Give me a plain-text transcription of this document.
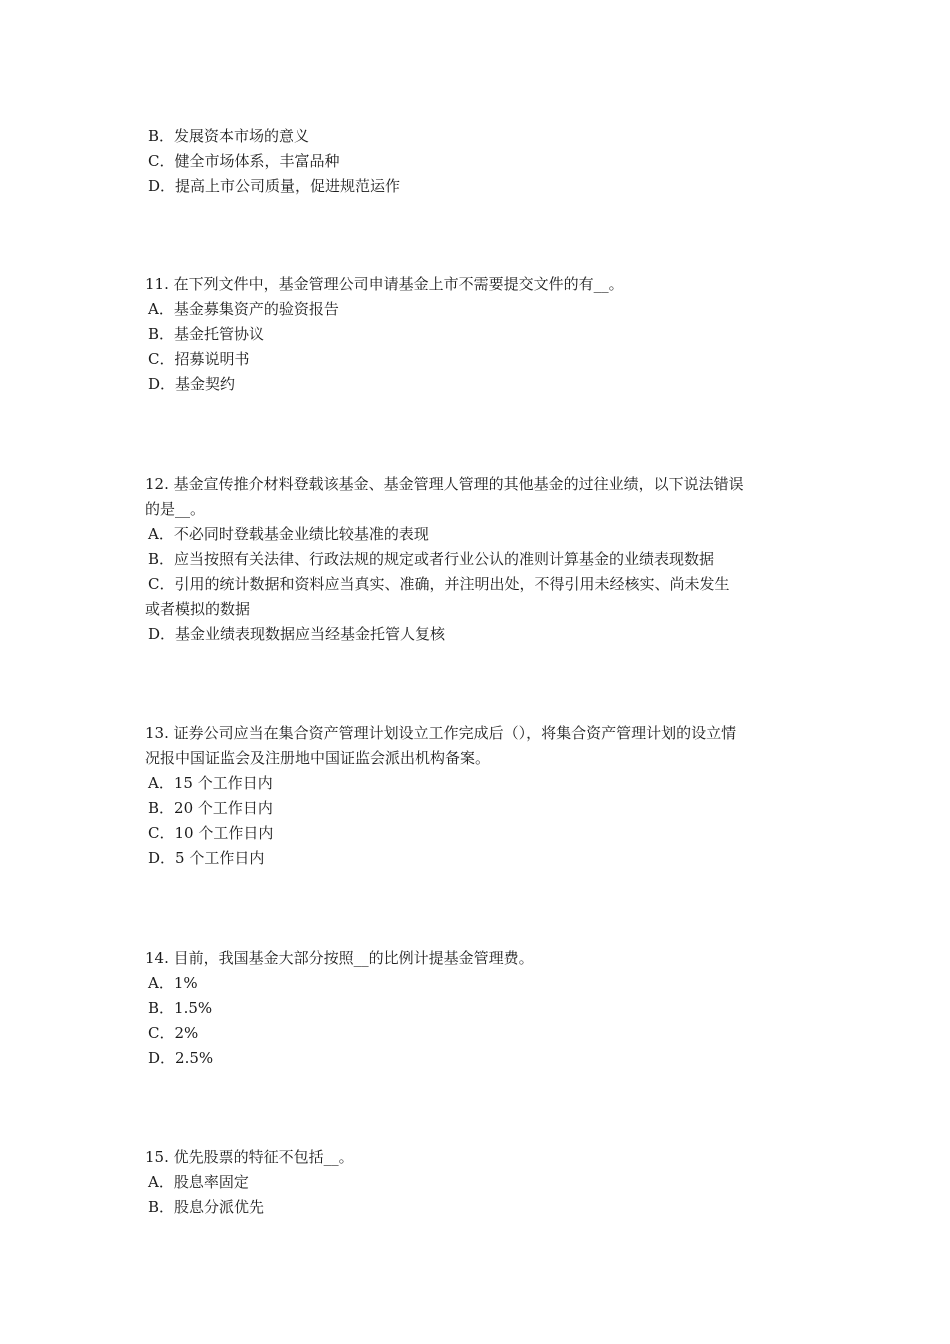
B．发展资本市场的意义
C．健全市场体系，丰富品种
D．提高上市公司质量，促进规范运作
11. 在下列文件中，基金管理公司申请基金上市不需要提交文件的有__。
A．基金募集资产的验资报告
B．基金托管协议
C．招募说明书
D．基金契约
12. 基金宣传推介材料登载该基金、基金管理人管理的其他基金的过往业绩，以下说法错误
的是__。
A．不必同时登载基金业绩比较基准的表现
B．应当按照有关法律、行政法规的规定或者行业公认的准则计算基金的业绩表现数据
C．引用的统计数据和资料应当真实、准确，并注明出处，不得引用未经核实、尚未发生
或者模拟的数据
D．基金业绩表现数据应当经基金托管人复核
13. 证券公司应当在集合资产管理计划设立工作完成后（），将集合资产管理计划的设立情
况报中国证监会及注册地中国证监会派出机构备案。
A．15 个工作日内
B．20 个工作日内
C．10 个工作日内
D．5 个工作日内
14. 目前，我国基金大部分按照__的比例计提基金管理费。
A．1%
B．1.5%
C．2%
D．2.5%
15. 优先股票的特征不包括__。
A．股息率固定
B．股息分派优先
